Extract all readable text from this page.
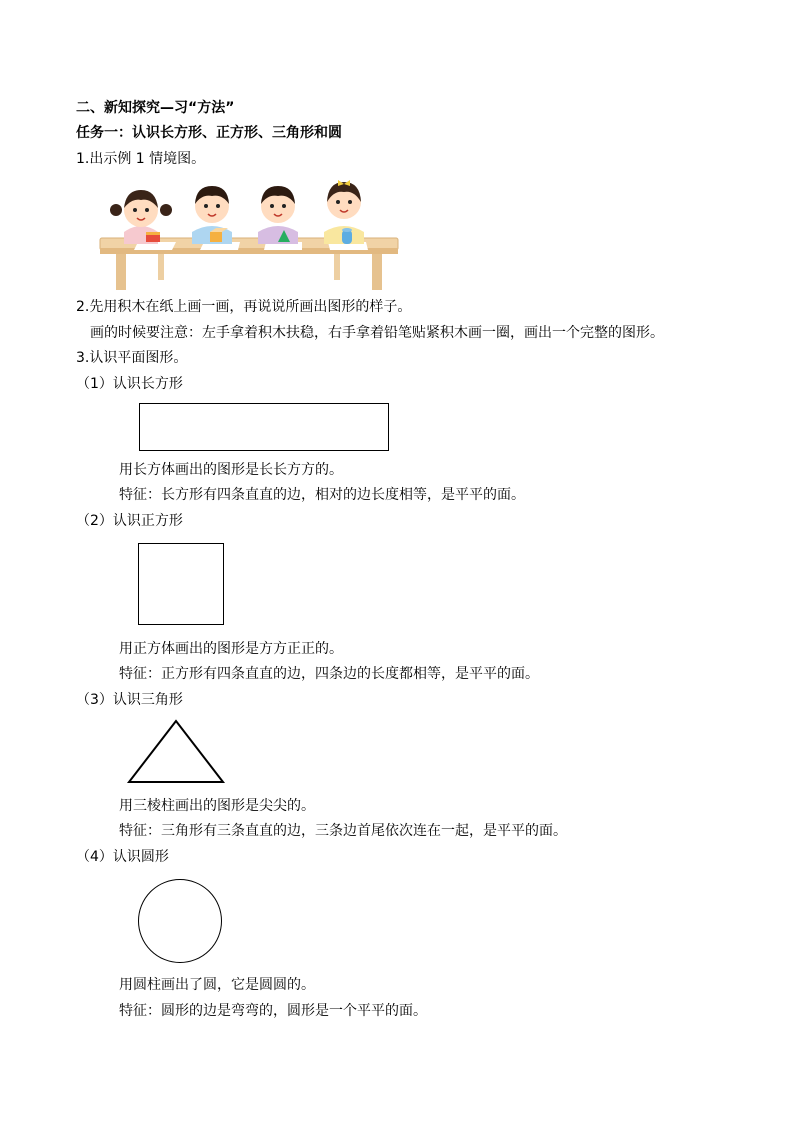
二、新知探究—习“方法”
任务一：认识长方形、正方形、三角形和圆
1.出示例 1 情境图。
2.先用积木在纸上画一画，再说说所画出图形的样子。
画的时候要注意：左手拿着积木扶稳，右手拿着铅笔贴紧积木画一圈，画出一个完整的图形。
3.认识平面图形。
（1）认识长方形
用长方体画出的图形是长长方方的。
特征：长方形有四条直直的边，相对的边长度相等，是平平的面。
（2）认识正方形
用正方体画出的图形是方方正正的。
特征：正方形有四条直直的边，四条边的长度都相等，是平平的面。
（3）认识三角形
用三棱柱画出的图形是尖尖的。
特征：三角形有三条直直的边，三条边首尾依次连在一起，是平平的面。
（4）认识圆形
用圆柱画出了圆，它是圆圆的。
特征：圆形的边是弯弯的，圆形是一个平平的面。
